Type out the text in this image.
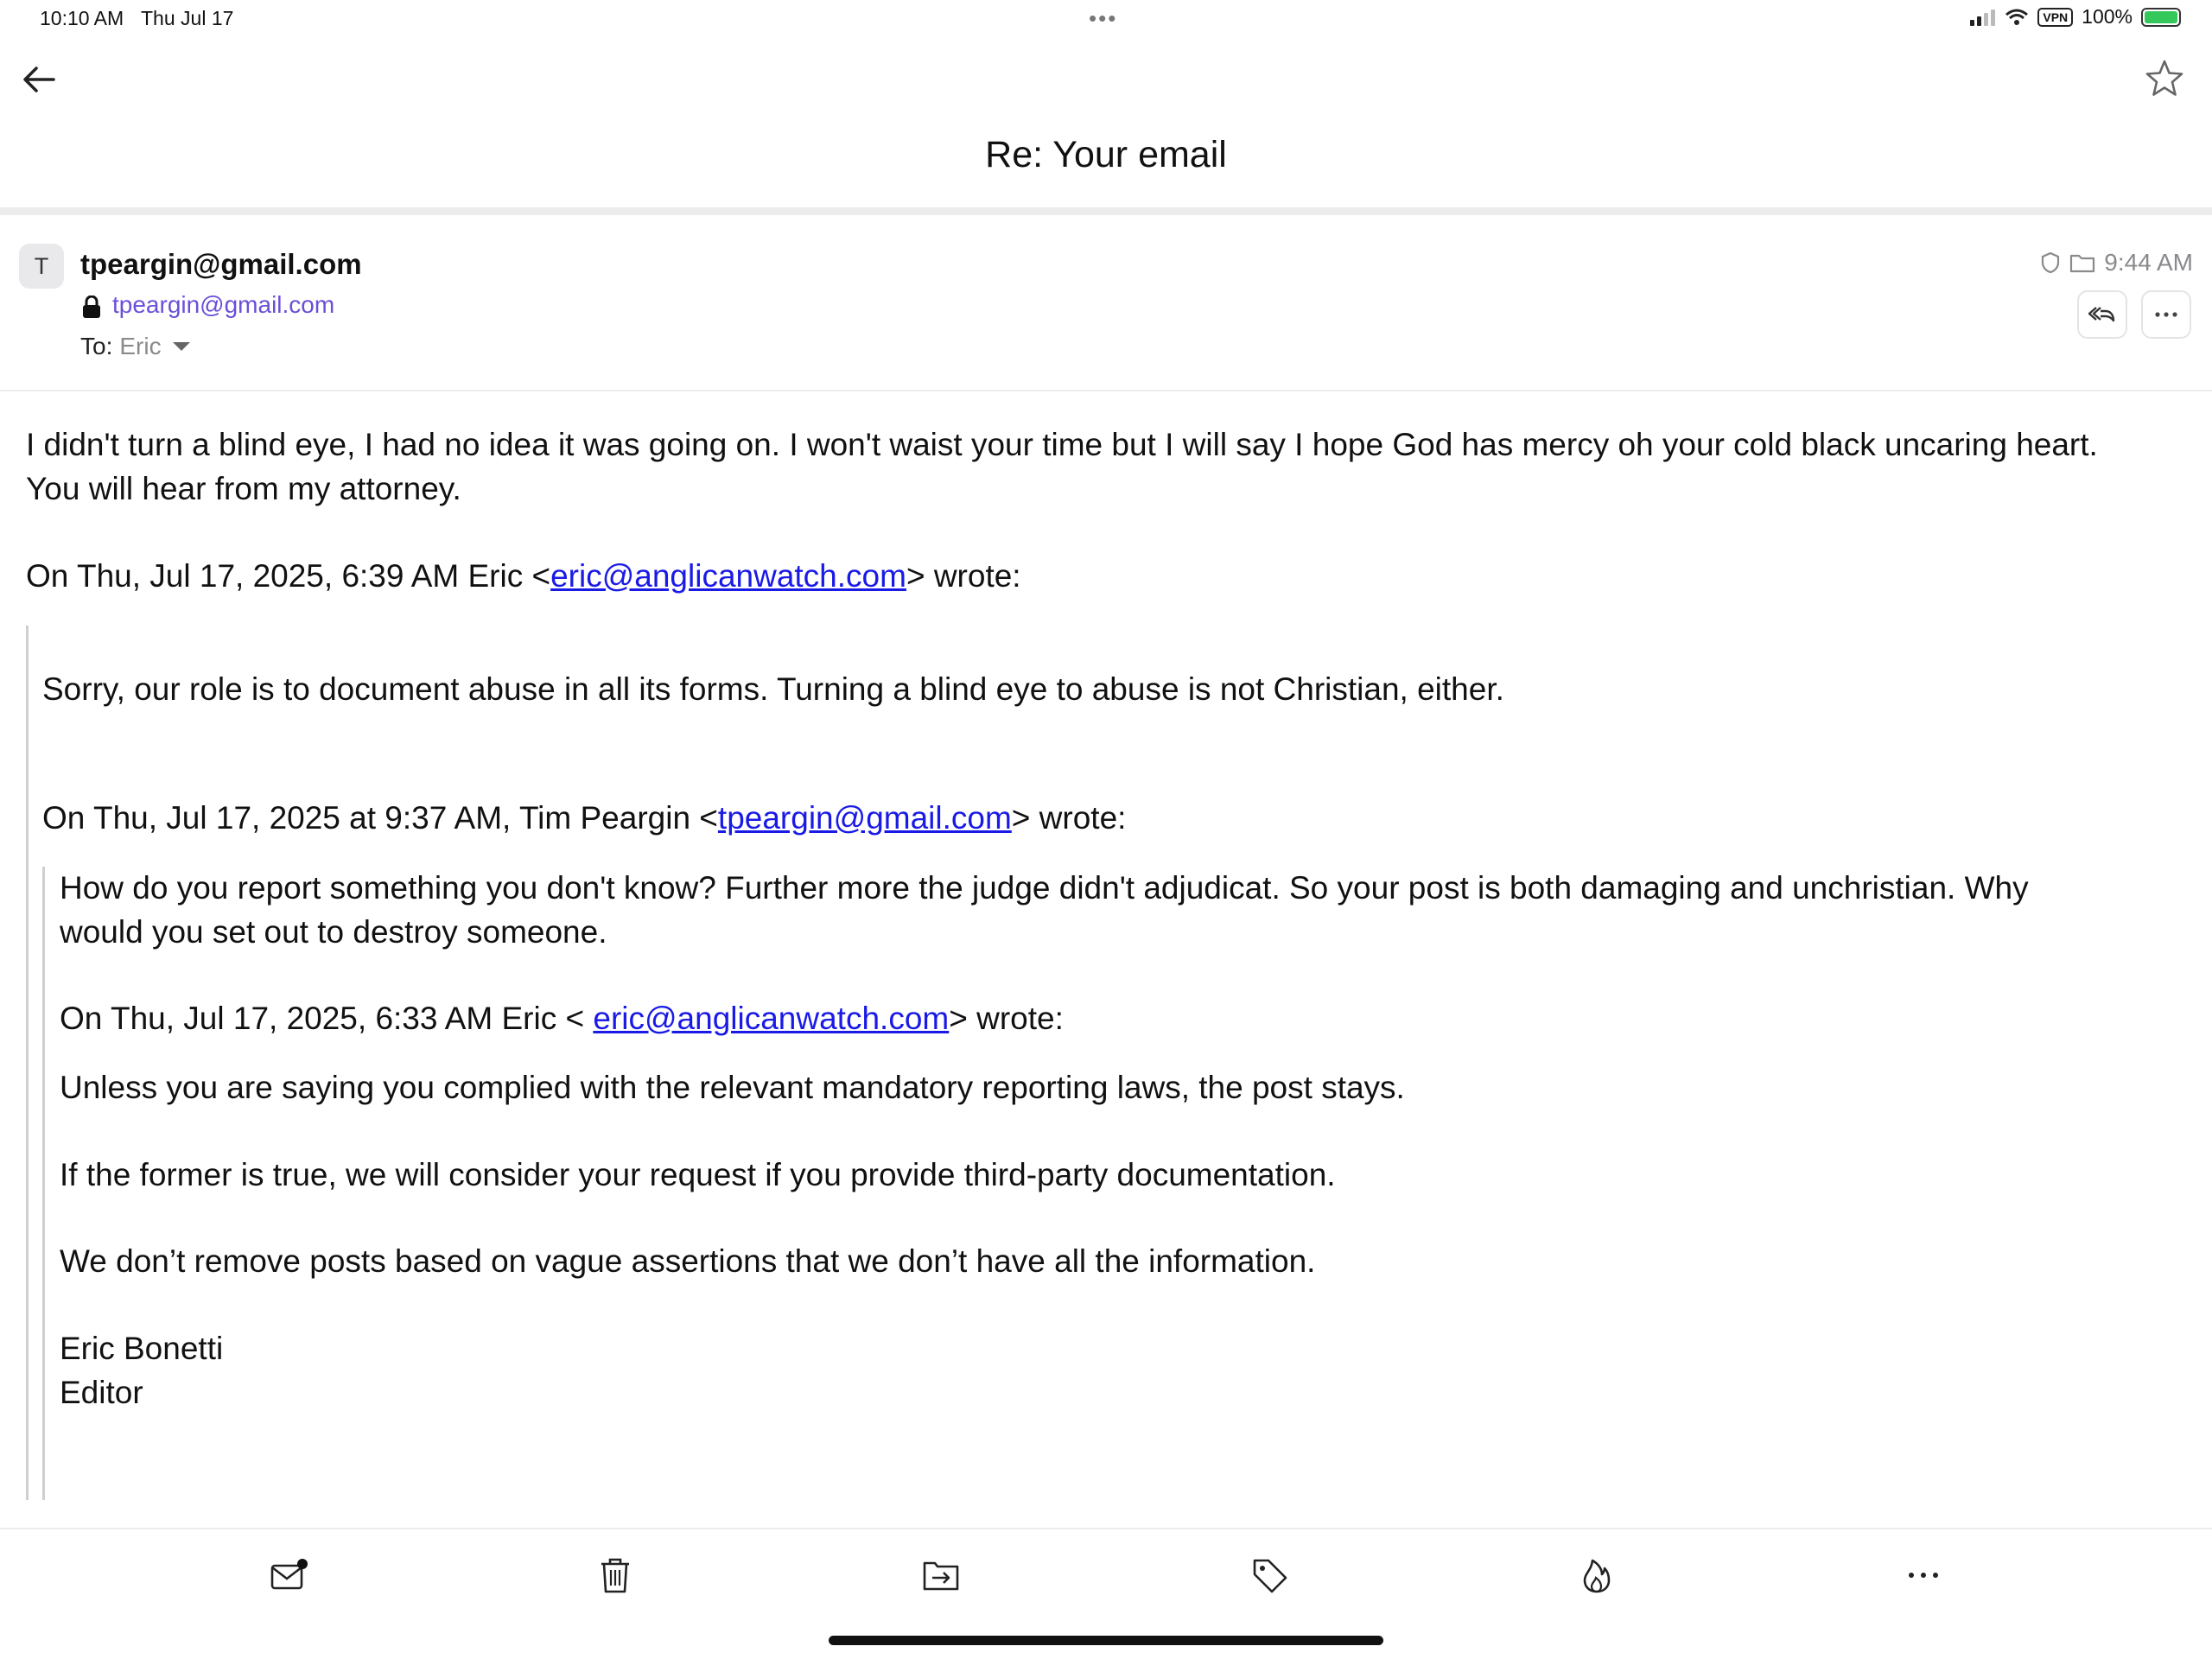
10:10 AM Thu Jul 17	•••	VPN 100%
Re: Your email
T	tpeargin@gmail.com
tpeargin@gmail.com
To: Eric
9:44 AM
I didn't turn a blind eye, I had no idea it was going on. I won't waist your time but I will say I hope God has mercy oh your cold black uncaring heart.
You will hear from my attorney.
On Thu, Jul 17, 2025, 6:39 AM Eric <eric@anglicanwatch.com> wrote:
Sorry, our role is to document abuse in all its forms. Turning a blind eye to abuse is not Christian, either.
On Thu, Jul 17, 2025 at 9:37 AM, Tim Peargin <tpeargin@gmail.com> wrote:
How do you report something you don't know? Further more the judge didn't adjudicat. So your post is both damaging and unchristian. Why
would you set out to destroy someone.
On Thu, Jul 17, 2025, 6:33 AM Eric < eric@anglicanwatch.com> wrote:
Unless you are saying you complied with the relevant mandatory reporting laws, the post stays.
If the former is true, we will consider your request if you provide third-party documentation.
We don’t remove posts based on vague assertions that we don’t have all the information.
Eric Bonetti
Editor
